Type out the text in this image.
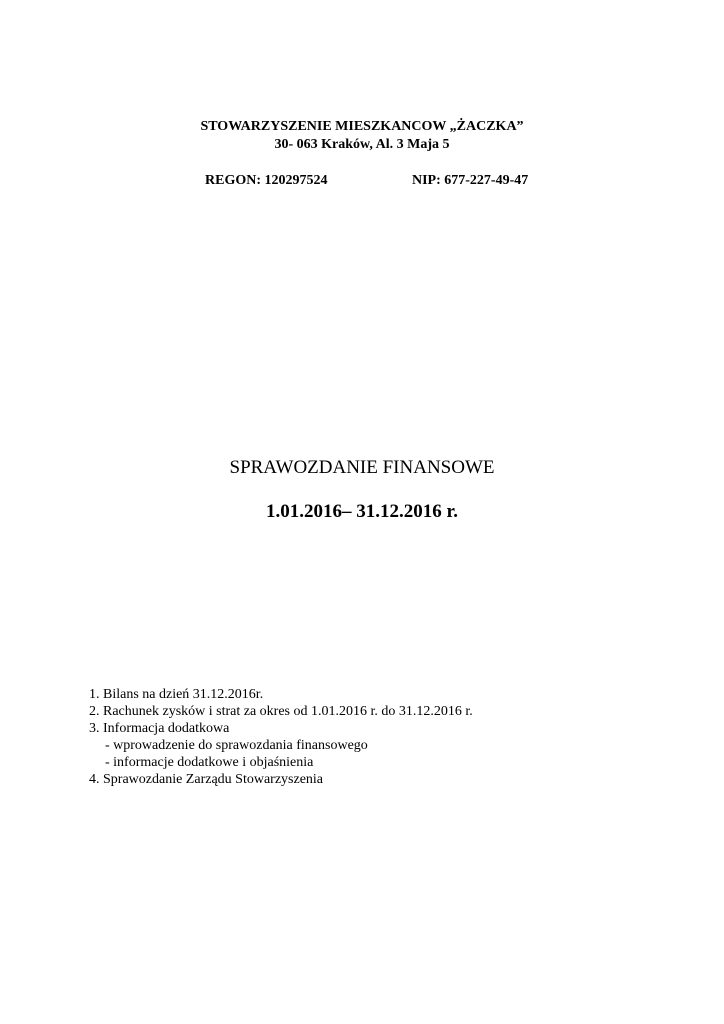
STOWARZYSZENIE MIESZKANCOW „ŻACZKA”
30- 063 Kraków, Al. 3 Maja 5
REGON: 120297524	NIP: 677-227-49-47
SPRAWOZDANIE FINANSOWE
1.01.2016– 31.12.2016 r.
1. Bilans na dzień 31.12.2016r.
2. Rachunek zysków i strat za okres od 1.01.2016 r. do 31.12.2016 r.
3. Informacja dodatkowa
- wprowadzenie do sprawozdania finansowego
- informacje dodatkowe i objaśnienia
4. Sprawozdanie Zarządu Stowarzyszenia
